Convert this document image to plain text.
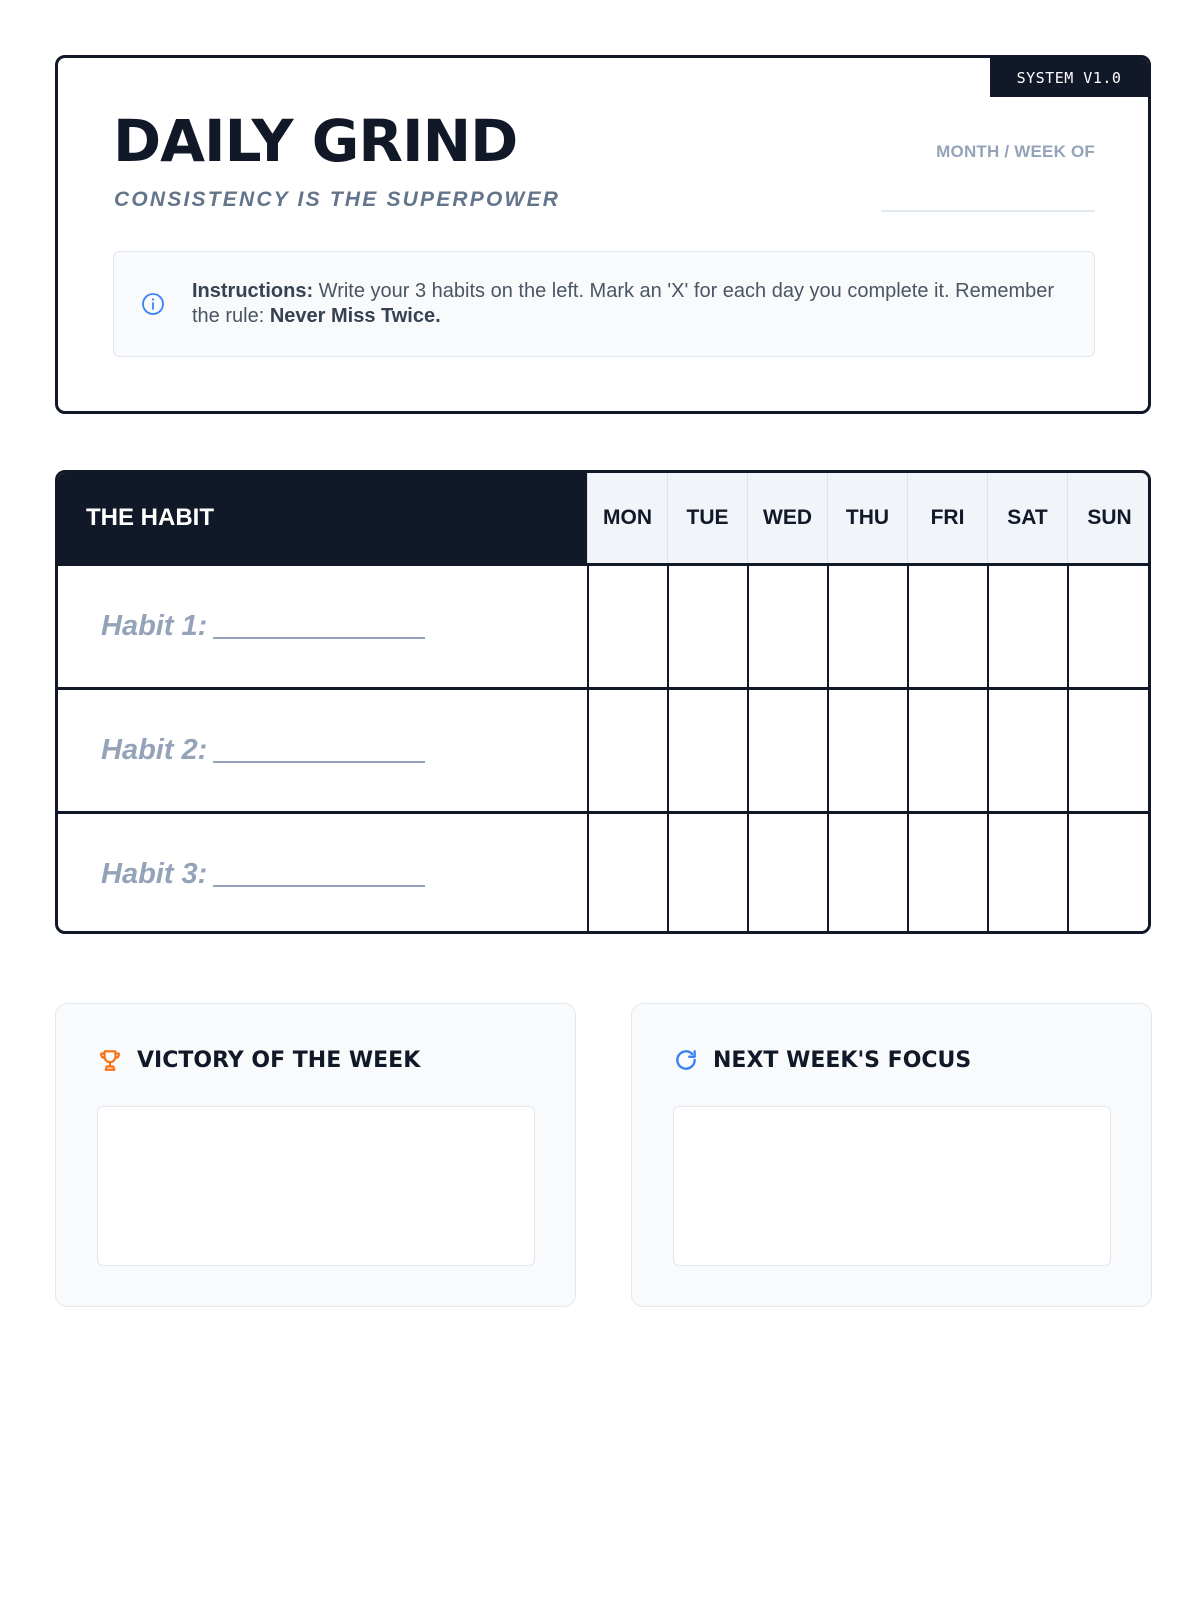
SYSTEM V1.0
DAILY GRIND
CONSISTENCY IS THE SUPERPOWER
MONTH / WEEK OF
Instructions: Write your 3 habits on the left. Mark an 'X' for each day you complete it. Remember the rule: Never Miss Twice.
THE HABIT	MON	TUE	WED	THU	FRI	SAT	SUN
Habit 1:
Habit 2:
Habit 3:
VICTORY OF THE WEEK	NEXT WEEK'S FOCUS
